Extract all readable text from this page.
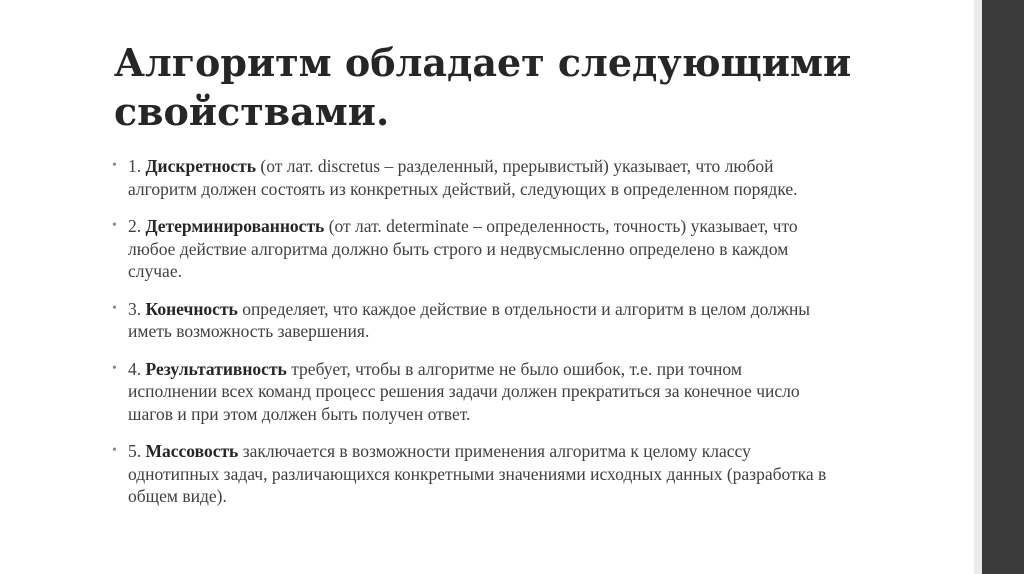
Алгоритм обладает следующими свойствами.
• 1. Дискретность (от лат. discretus – разделенный, прерывистый) указывает, что любой алгоритм должен состоять из конкретных действий, следующих в определенном порядке.
• 2. Детерминированность (от лат. determinate – определенность, точность) указывает, что любое действие алгоритма должно быть строго и недвусмысленно определено в каждом случае.
• 3. Конечность определяет, что каждое действие в отдельности и алгоритм в целом должны иметь возможность завершения.
• 4. Результативность требует, чтобы в алгоритме не было ошибок, т.е. при точном исполнении всех команд процесс решения задачи должен прекратиться за конечное число шагов и при этом должен быть получен ответ.
• 5. Массовость заключается в возможности применения алгоритма к целому классу однотипных задач, различающихся конкретными значениями исходных данных (разработка в общем виде).
